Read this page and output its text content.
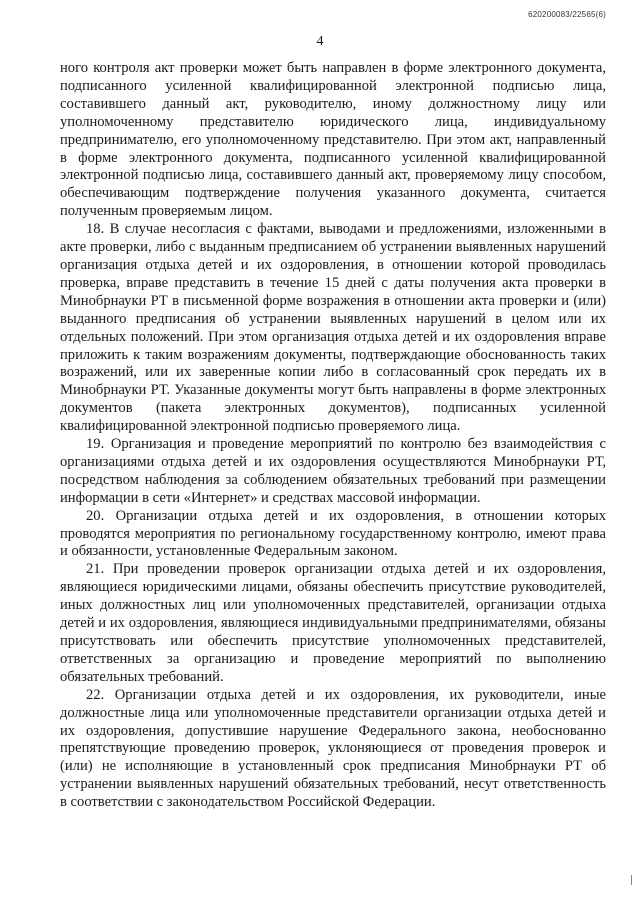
620200083/22565(6)
4

ного контроля акт проверки может быть направлен в форме электронного документа, подписанного усиленной квалифицированной электронной подписью лица, составившего данный акт, руководителю, иному должностному лицу или уполномоченному представителю юридического лица, индивидуальному предпринимателю, его уполномоченному представителю. При этом акт, направленный в форме электронного документа, подписанного усиленной квалифицированной электронной подписью лица, составившего данный акт, проверяемому лицу способом, обеспечивающим подтверждение получения указанного документа, считается полученным проверяемым лицом.

18. В случае несогласия с фактами, выводами и предложениями, изложенными в акте проверки, либо с выданным предписанием об устранении выявленных нарушений организация отдыха детей и их оздоровления, в отношении которой проводилась проверка, вправе представить в течение 15 дней с даты получения акта проверки в Минобрнауки РТ в письменной форме возражения в отношении акта проверки и (или) выданного предписания об устранении выявленных нарушений в целом или их отдельных положений. При этом организация отдыха детей и их оздоровления вправе приложить к таким возражениям документы, подтверждающие обоснованность таких возражений, или их заверенные копии либо в согласованный срок передать их в Минобрнауки РТ. Указанные документы могут быть направлены в форме электронных документов (пакета электронных документов), подписанных усиленной квалифицированной электронной подписью проверяемого лица.

19. Организация и проведение мероприятий по контролю без взаимодействия с организациями отдыха детей и их оздоровления осуществляются Минобрнауки РТ, посредством наблюдения за соблюдением обязательных требований при размещении информации в сети «Интернет» и средствах массовой информации.

20. Организации отдыха детей и их оздоровления, в отношении которых проводятся мероприятия по региональному государственному контролю, имеют права и обязанности, установленные Федеральным законом.

21. При проведении проверок организации отдыха детей и их оздоровления, являющиеся юридическими лицами, обязаны обеспечить присутствие руководителей, иных должностных лиц или уполномоченных представителей, организации отдыха детей и их оздоровления, являющиеся индивидуальными предпринимателями, обязаны присутствовать или обеспечить присутствие уполномоченных представителей, ответственных за организацию и проведение мероприятий по выполнению обязательных требований.

22. Организации отдыха детей и их оздоровления, их руководители, иные должностные лица или уполномоченные представители организации отдыха детей и их оздоровления, допустившие нарушение Федерального закона, необоснованно препятствующие проведению проверок, уклоняющиеся от проведения проверок и (или) не исполняющие в установленный срок предписания Минобрнауки РТ об устранении выявленных нарушений обязательных требований, несут ответственность в соответствии с законодательством Российской Федерации.
